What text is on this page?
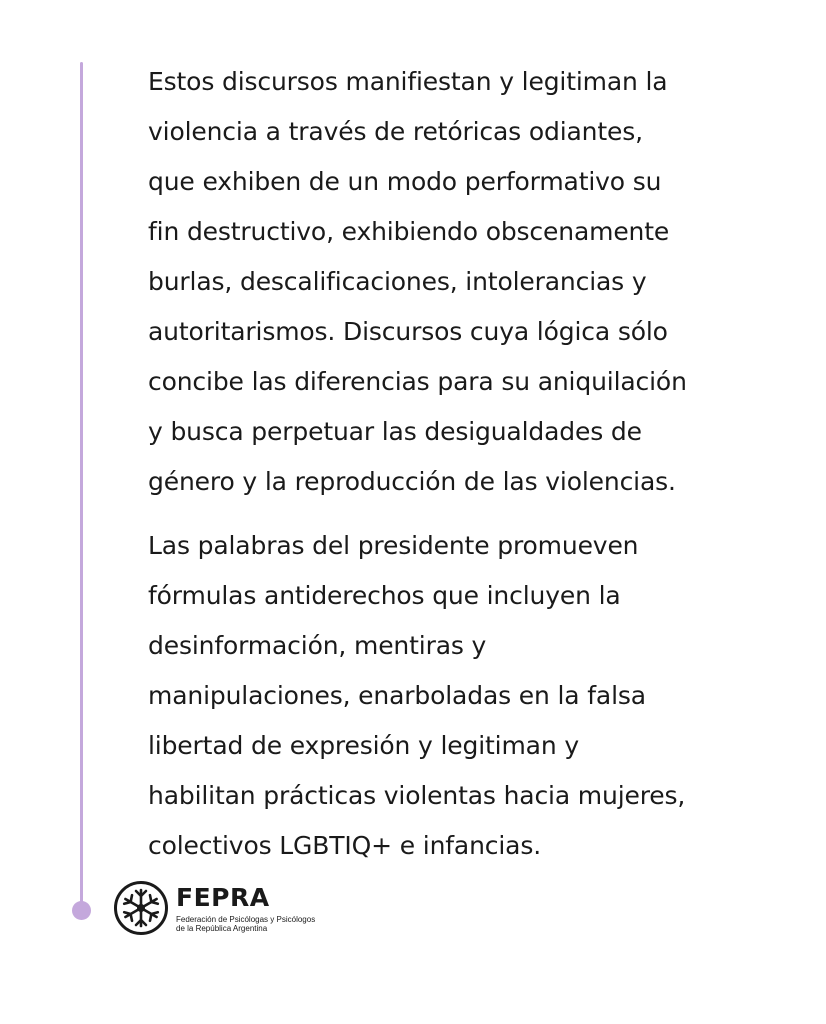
Estos discursos manifiestan y legitiman la
violencia a través de retóricas odiantes,
que exhiben de un modo performativo su
fin destructivo, exhibiendo obscenamente
burlas, descalificaciones, intolerancias y
autoritarismos. Discursos cuya lógica sólo
concibe las diferencias para su aniquilación
y busca perpetuar las desigualdades de
género y la reproducción de las violencias.

Las palabras del presidente promueven
fórmulas antiderechos que incluyen la
desinformación, mentiras y
manipulaciones, enarboladas en la falsa
libertad de expresión y legitiman y
habilitan prácticas violentas hacia mujeres,
colectivos LGBTIQ+ e infancias.

FEPRA
Federación de Psicólogas y Psicólogos
de la República Argentina
